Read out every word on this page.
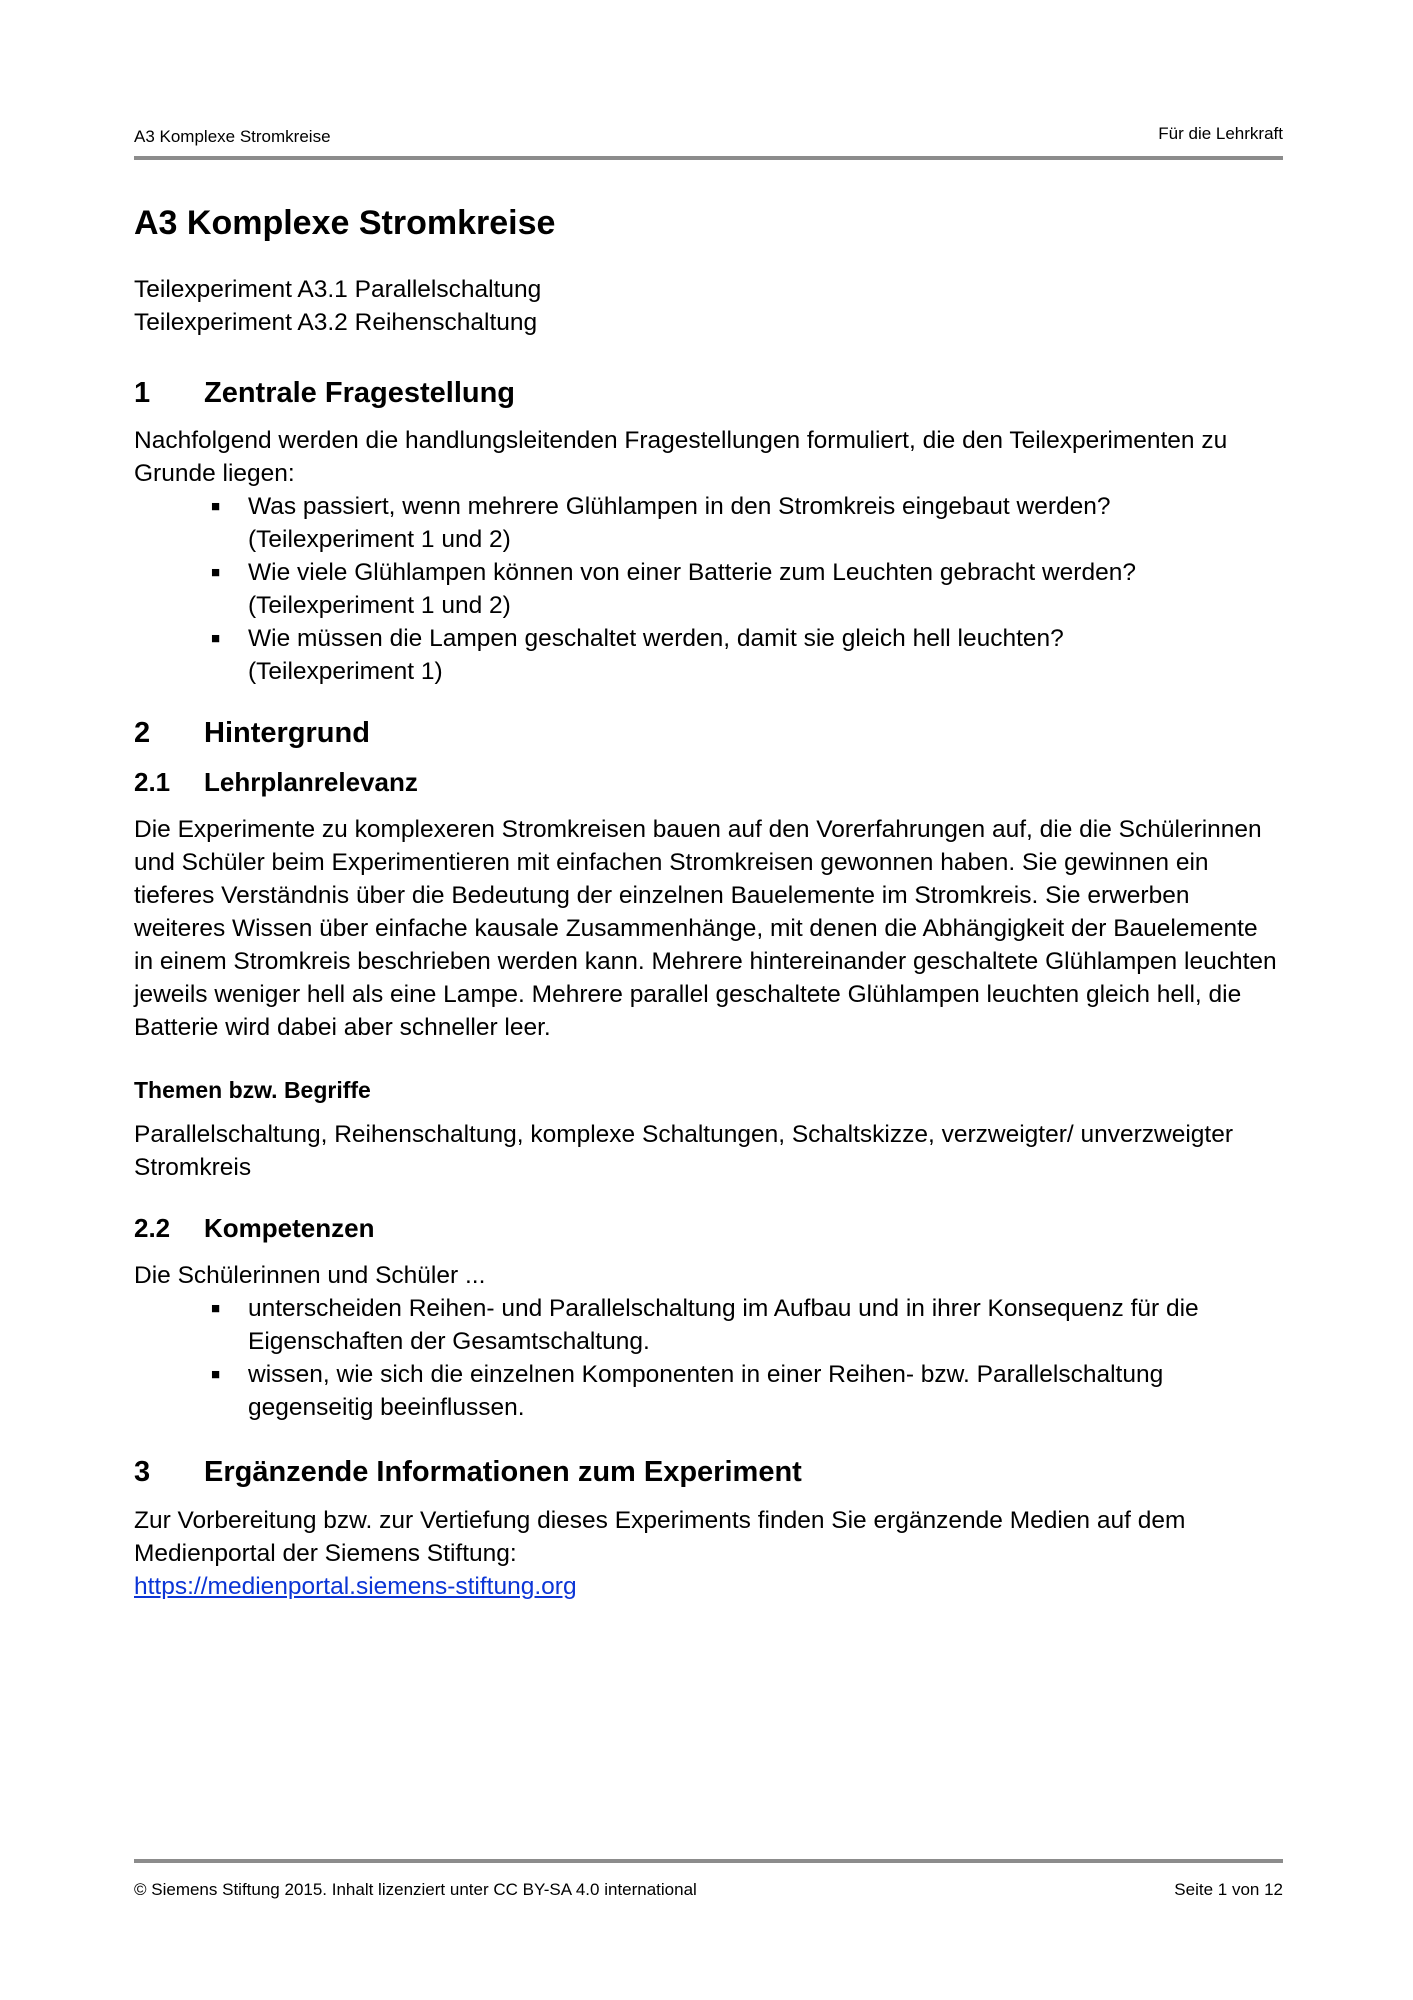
A3 Komplexe Stromkreise	Für die Lehrkraft
A3 Komplexe Stromkreise
Teilexperiment A3.1 Parallelschaltung
Teilexperiment A3.2 Reihenschaltung
1	Zentrale Fragestellung

Nachfolgend werden die handlungsleitenden Fragestellungen formuliert, die den Teilexperimenten zu Grunde liegen:

■ Was passiert, wenn mehrere Glühlampen in den Stromkreis eingebaut werden?
(Teilexperiment 1 und 2)
■ Wie viele Glühlampen können von einer Batterie zum Leuchten gebracht werden?
(Teilexperiment 1 und 2)
■ Wie müssen die Lampen geschaltet werden, damit sie gleich hell leuchten?
(Teilexperiment 1)
2	Hintergrund
2.1	Lehrplanrelevanz

Die Experimente zu komplexeren Stromkreisen bauen auf den Vorerfahrungen auf, die die Schülerinnen und Schüler beim Experimentieren mit einfachen Stromkreisen gewonnen haben. Sie gewinnen ein tieferes Verständnis über die Bedeutung der einzelnen Bauelemente im Stromkreis. Sie erwerben weiteres Wissen über einfache kausale Zusammenhänge, mit denen die Abhängigkeit der Bauelemente in einem Stromkreis beschrieben werden kann. Mehrere hintereinander geschaltete Glühlampen leuchten jeweils weniger hell als eine Lampe. Mehrere parallel geschaltete Glühlampen leuchten gleich hell, die Batterie wird dabei aber schneller leer.

Themen bzw. Begriffe

Parallelschaltung, Reihenschaltung, komplexe Schaltungen, Schaltskizze, verzweigter/ unverzweigter Stromkreis

2.2	Kompetenzen

Die Schülerinnen und Schüler ...

■ unterscheiden Reihen- und Parallelschaltung im Aufbau und in ihrer Konsequenz für die Eigenschaften der Gesamtschaltung.
■ wissen, wie sich die einzelnen Komponenten in einer Reihen- bzw. Parallelschaltung gegenseitig beeinflussen.
3	Ergänzende Informationen zum Experiment

Zur Vorbereitung bzw. zur Vertiefung dieses Experiments finden Sie ergänzende Medien auf dem Medienportal der Siemens Stiftung:

https://medienportal.siemens-stiftung.org
© Siemens Stiftung 2015. Inhalt lizenziert unter CC BY-SA 4.0 international	Seite 1 von 12
